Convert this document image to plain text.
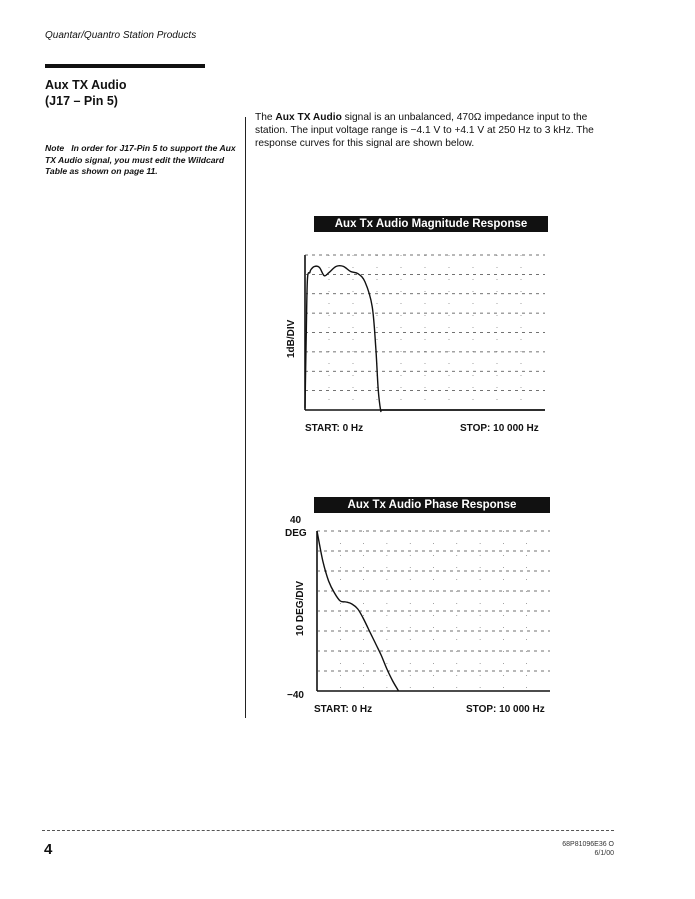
Quantar/Quantro Station Products
Aux TX Audio
(J17 – Pin 5)
Note In order for J17-Pin 5 to support the Aux TX Audio signal, you must edit the Wildcard Table as shown on page 11.
The Aux TX Audio signal is an unbalanced, 470Ω impedance input to the station. The input voltage range is −4.1 V to +4.1 V at 250 Hz to 3 kHz. The response curves for this signal are shown below.
Aux Tx Audio Magnitude Response
1dB/DIV
START: 0 Hz	STOP: 10 000 Hz
Aux Tx Audio Phase Response
40
DEG
−40
10 DEG/DIV
START: 0 Hz	STOP: 10 000 Hz
4	68P81096E36 O
6/1/00
